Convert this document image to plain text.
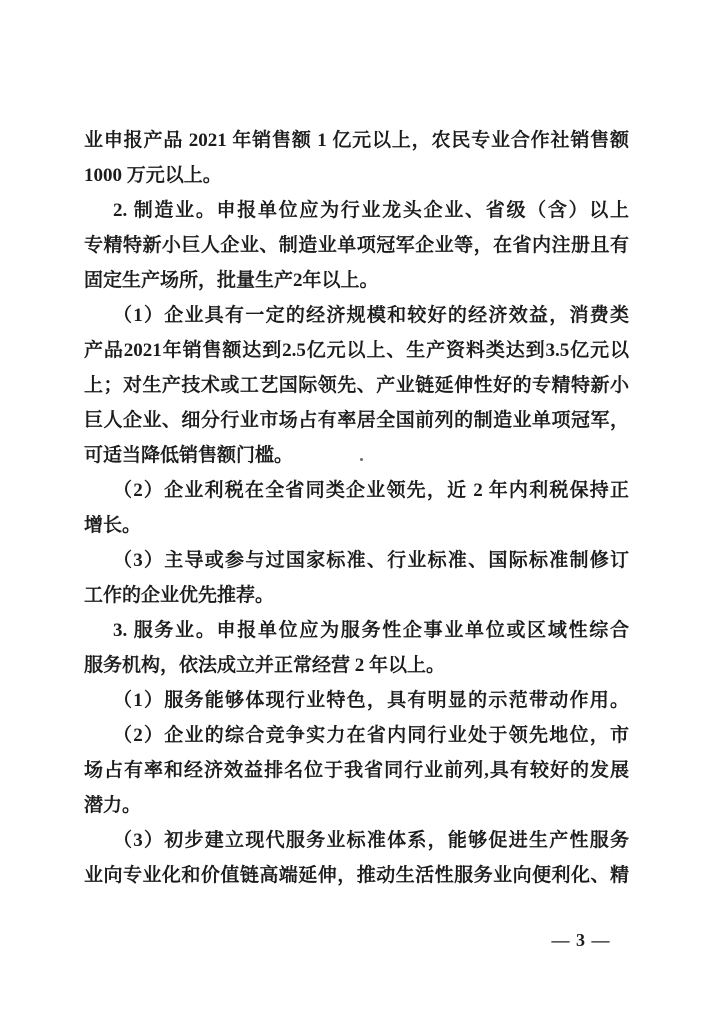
业申报产品 2021 年销售额 1 亿元以上，农民专业合作社销售额
1000 万元以上。
2. 制造业。申报单位应为行业龙头企业、省级（含）以上
专精特新小巨人企业、制造业单项冠军企业等，在省内注册且有
固定生产场所，批量生产2年以上。
（1）企业具有一定的经济规模和较好的经济效益，消费类
产品2021年销售额达到2.5亿元以上、生产资料类达到3.5亿元以
上；对生产技术或工艺国际领先、产业链延伸性好的专精特新小
巨人企业、细分行业市场占有率居全国前列的制造业单项冠军，
可适当降低销售额门槛。
（2）企业利税在全省同类企业领先，近 2 年内利税保持正
增长。
（3）主导或参与过国家标准、行业标准、国际标准制修订
工作的企业优先推荐。
3. 服务业。申报单位应为服务性企事业单位或区域性综合
服务机构，依法成立并正常经营 2 年以上。
（1）服务能够体现行业特色，具有明显的示范带动作用。
（2）企业的综合竞争实力在省内同行业处于领先地位，市
场占有率和经济效益排名位于我省同行业前列,具有较好的发展
潜力。
（3）初步建立现代服务业标准体系，能够促进生产性服务
业向专业化和价值链高端延伸，推动生活性服务业向便利化、精
— 3 —
